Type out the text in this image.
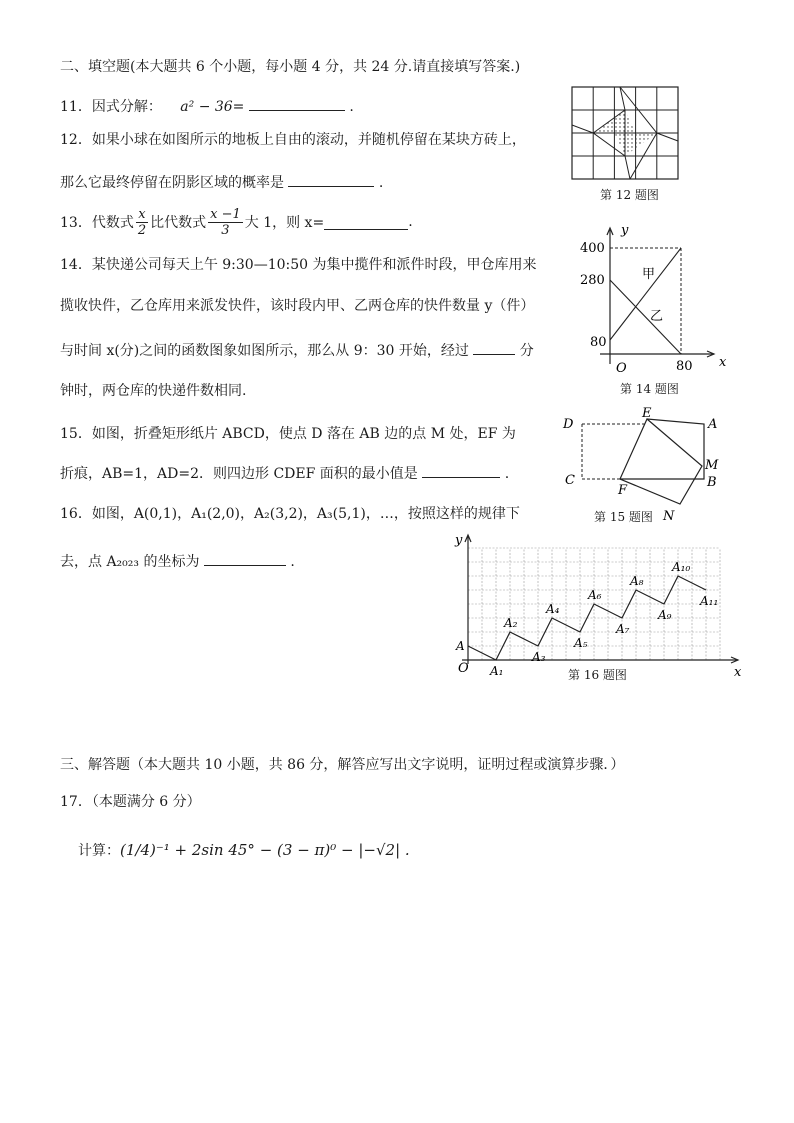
二、填空题(本大题共 6 个小题，每小题 4 分，共 24 分.请直接填写答案.)
11．因式分解： a² − 36=	.
12．如果小球在如图所示的地板上自由的滚动，并随机停留在某块方砖上，
那么它最终停留在阴影区域的概率是	.
第 12 题图
13．代数式 $\frac{x}{2}$ 比代数式 $\frac{x -1}{3}$ 大 1，则 x=	.
14．某快递公司每天上午 9:30—10:50 为集中揽件和派件时段，甲仓库用来
揽收快件，乙仓库用来派发快件，该时段内甲、乙两仓库的快件数量 y（件）
与时间 x(分)之间的函数图象如图所示，那么从 9：30 开始，经过	分
钟时，两仓库的快递件数相同.
y
x
O
400
280
80
80
甲
乙
第 14 题图
15．如图，折叠矩形纸片 ABCD，使点 D 落在 AB 边的点 M 处，EF 为
折痕，AB=1，AD=2．则四边形 CDEF 面积的最小值是	.
D
E
A
M
B
C
F
N
第 15 题图
16．如图，A(0,1)，A₁(2,0)，A₂(3,2)，A₃(5,1)，…，按照这样的规律下
去，点 A₂₀₂₃ 的坐标为	.
A
A₁
A₂
A₃
A₄
A₅
A₆
A₇
A₈
A₉
A₁₀
A₁₁
y
x
O	第 16 题图
三、解答题（本大题共 10 小题，共 86 分，解答应写出文字说明，证明过程或演算步骤．）
17．（本题满分 6 分）
计算： (1/4)⁻¹ + 2sin 45° − (3 − π)⁰ − |−√2| .
